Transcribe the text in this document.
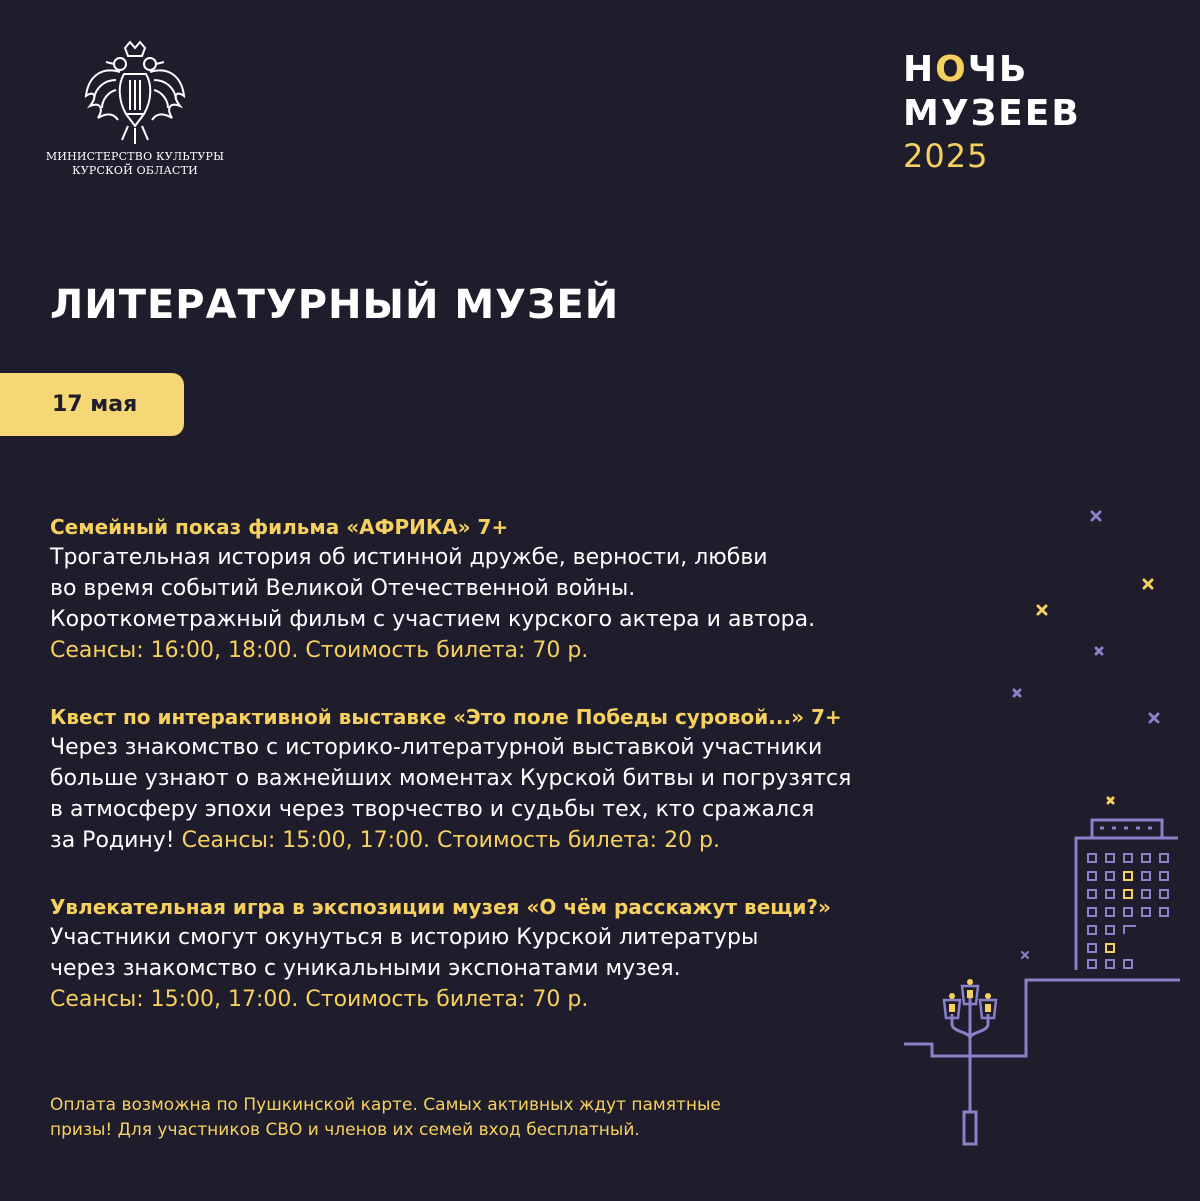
МИНИСТЕРСТВО КУЛЬТУРЫ
КУРСКОЙ ОБЛАСТИ
НОЧЬ
МУЗЕЕВ
2025
ЛИТЕРАТУРНЫЙ МУЗЕЙ
17 мая
Семейный показ фильма «АФРИКА» 7+
Трогательная история об истинной дружбе, верности, любви
во время событий Великой Отечественной войны.
Короткометражный фильм с участием курского актера и автора.
Сеансы: 16:00, 18:00. Стоимость билета: 70 р.
Квест по интерактивной выставке «Это поле Победы суровой...» 7+
Через знакомство с историко-литературной выставкой участники
больше узнают о важнейших моментах Курской битвы и погрузятся
в атмосферу эпохи через творчество и судьбы тех, кто сражался
за Родину! Сеансы: 15:00, 17:00. Стоимость билета: 20 р.
Увлекательная игра в экспозиции музея «О чём расскажут вещи?»
Участники смогут окунуться в историю Курской литературы
через знакомство с уникальными экспонатами музея.
Сеансы: 15:00, 17:00. Стоимость билета: 70 р.
Оплата возможна по Пушкинской карте. Самых активных ждут памятные
призы! Для участников СВО и членов их семей вход бесплатный.
